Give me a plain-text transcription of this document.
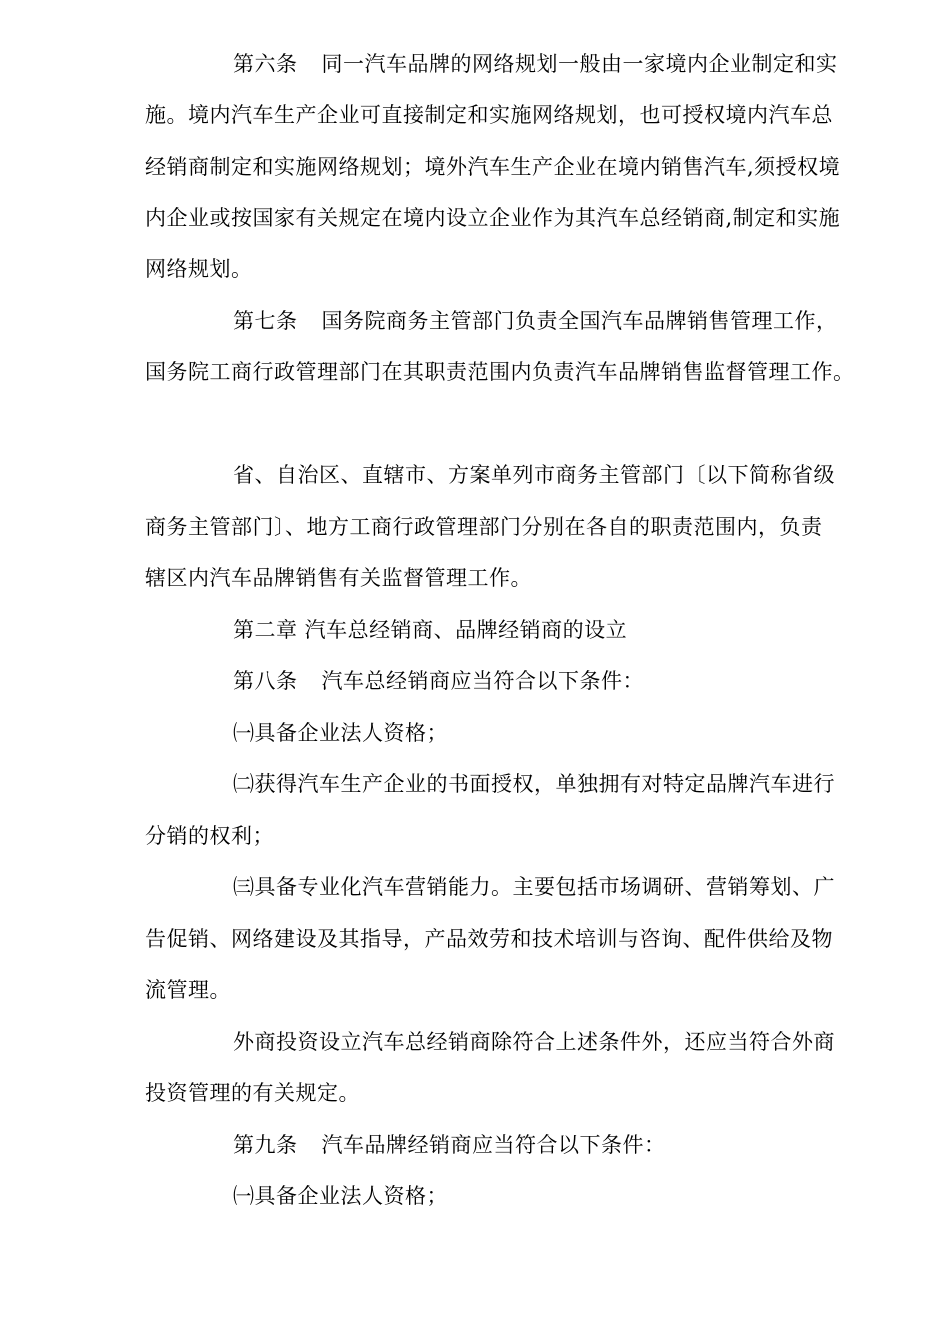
第六条 同一汽车品牌的网络规划一般由一家境内企业制定和实
施。境内汽车生产企业可直接制定和实施网络规划，也可授权境内汽车总
经销商制定和实施网络规划；境外汽车生产企业在境内销售汽车,须授权境
内企业或按国家有关规定在境内设立企业作为其汽车总经销商,制定和实施
网络规划。
第七条 国务院商务主管部门负责全国汽车品牌销售管理工作，
国务院工商行政管理部门在其职责范围内负责汽车品牌销售监督管理工作。
省、自治区、直辖市、方案单列市商务主管部门〔以下简称省级
商务主管部门〕、地方工商行政管理部门分别在各自的职责范围内，负责
辖区内汽车品牌销售有关监督管理工作。
第二章 汽车总经销商、品牌经销商的设立
第八条 汽车总经销商应当符合以下条件：
㈠具备企业法人资格；
㈡获得汽车生产企业的书面授权，单独拥有对特定品牌汽车进行
分销的权利；
㈢具备专业化汽车营销能力。主要包括市场调研、营销筹划、广
告促销、网络建设及其指导，产品效劳和技术培训与咨询、配件供给及物
流管理。
外商投资设立汽车总经销商除符合上述条件外，还应当符合外商
投资管理的有关规定。
第九条 汽车品牌经销商应当符合以下条件：
㈠具备企业法人资格；
